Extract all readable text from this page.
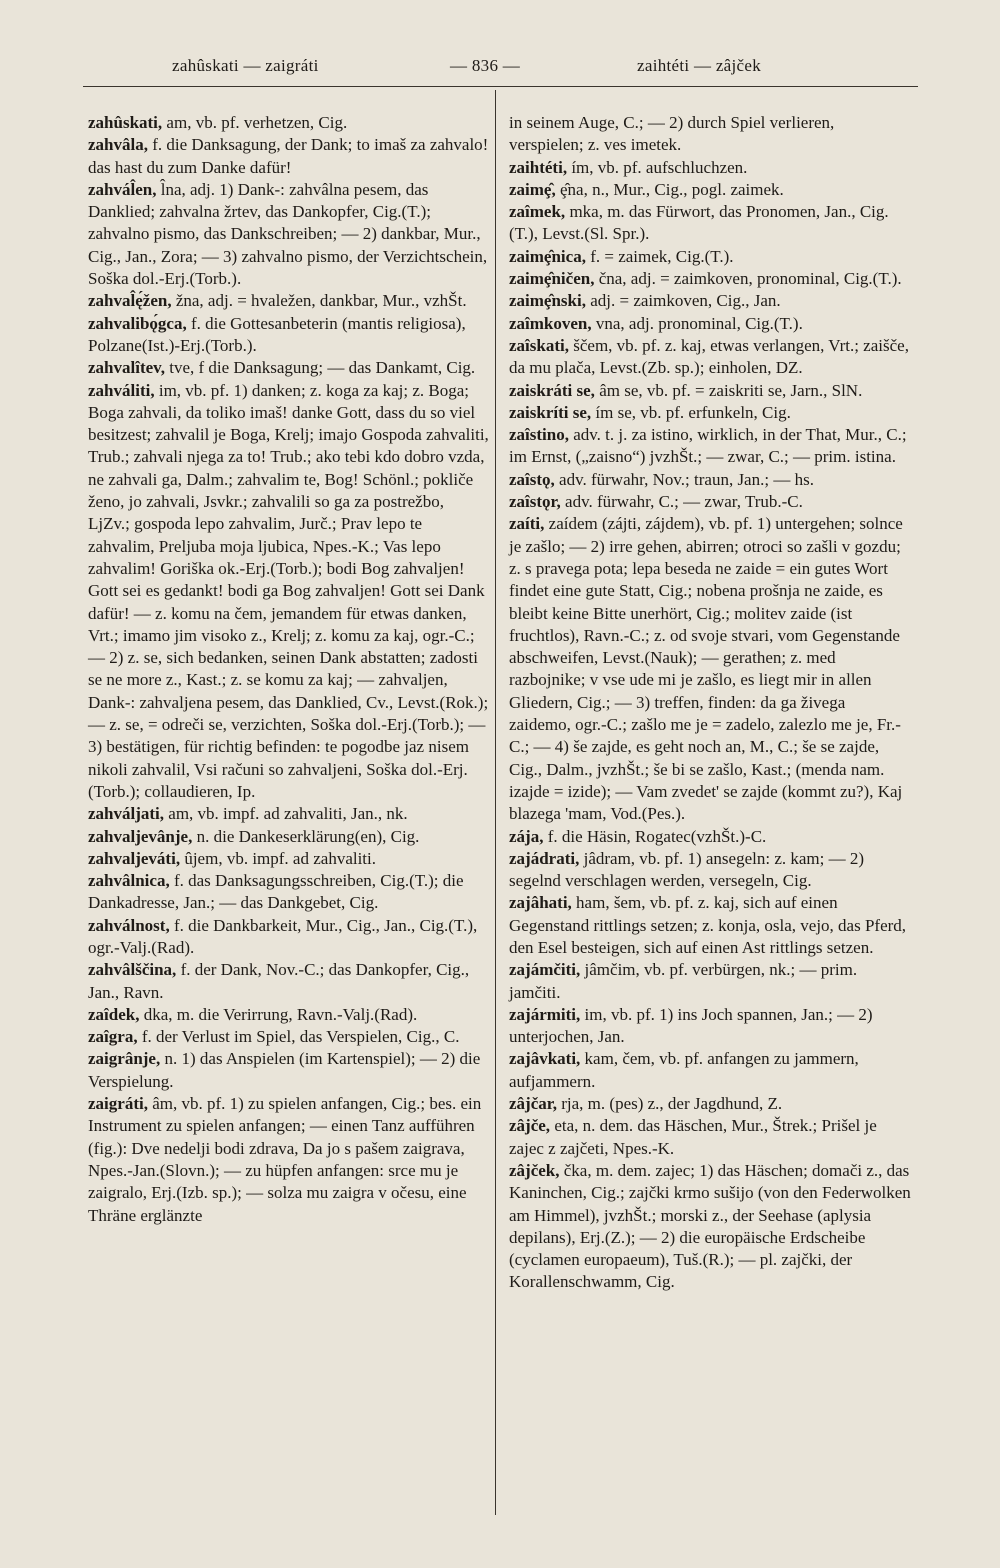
zahûskati — zaigráti	— 836 —	zaihtéti — zâjček

zahûskati, am, vb. pf. verhetzen, Cig.

zahvâla, f. die Danksagung, der Dank; to imaš za zahvalo! das hast du zum Danke dafür!

zahvál̂en, l̂na, adj. 1) Dank-: zahvâlna pesem, das Danklied; zahvalna žrtev, das Dankopfer, Cig.(T.); zahvalno pismo, das Dankschreiben; — 2) dankbar, Mur., Cig., Jan., Zora; — 3) zahvalno pismo, der Verzichtschein, Soška dol.-Erj.(Torb.).

zahval̂ę́žen, žna, adj. = hvaležen, dankbar, Mur., vzhŠt.

zahvalibǫ́gca, f. die Gottesanbeterin (mantis religiosa), Polzane(Ist.)-Erj.(Torb.).

zahvalîtev, tve, f die Danksagung; — das Dankamt, Cig.

zahváliti, im, vb. pf. 1) danken; z. koga za kaj; z. Boga; Boga zahvali, da toliko imaš! danke Gott, dass du so viel besitzest; zahvalil je Boga, Krelj; imajo Gospoda zahvaliti, Trub.; zahvali njega za to! Trub.; ako tebi kdo dobro vzda, ne zahvali ga, Dalm.; zahvalim te, Bog! Schönl.; pokliče ženo, jo zahvali, Jsvkr.; zahvalili so ga za postrežbo, LjZv.; gospoda lepo zahvalim, Jurč.; Prav lepo te zahvalim, Preljuba moja ljubica, Npes.-K.; Vas lepo zahvalim! Goriška ok.-Erj.(Torb.); bodi Bog zahvaljen! Gott sei es gedankt! bodi ga Bog zahvaljen! Gott sei Dank dafür! — z. komu na čem, jemandem für etwas danken, Vrt.; imamo jim visoko z., Krelj; z. komu za kaj, ogr.-C.; — 2) z. se, sich bedanken, seinen Dank abstatten; zadosti se ne more z., Kast.; z. se komu za kaj; — zahvaljen, Dank-: zahvaljena pesem, das Danklied, Cv., Levst.(Rok.); — z. se, = odreči se, verzichten, Soška dol.-Erj.(Torb.); — 3) bestätigen, für richtig befinden: te pogodbe jaz nisem nikoli zahvalil, Vsi računi so zahvaljeni, Soška dol.-Erj.(Torb.); collaudieren, Ip.

zahváljati, am, vb. impf. ad zahvaliti, Jan., nk.

zahvaljevânje, n. die Dankeserklärung(en), Cig.

zahvaljeváti, ûjem, vb. impf. ad zahvaliti.

zahvâlnica, f. das Danksagungsschreiben, Cig.(T.); die Dankadresse, Jan.; — das Dankgebet, Cig.

zahválnost, f. die Dankbarkeit, Mur., Cig., Jan., Cig.(T.), ogr.-Valj.(Rad).

zahvâlščina, f. der Dank, Nov.-C.; das Dankopfer, Cig., Jan., Ravn.

zaîdek, dka, m. die Verirrung, Ravn.-Valj.(Rad).

zaîgra, f. der Verlust im Spiel, das Verspielen, Cig., C.

zaigrânje, n. 1) das Anspielen (im Kartenspiel); — 2) die Verspielung.

zaigráti, âm, vb. pf. 1) zu spielen anfangen, Cig.; bes. ein Instrument zu spielen anfangen; — einen Tanz aufführen (fig.): Dve nedelji bodi zdrava, Da jo s pašem zaigrava, Npes.-Jan.(Slovn.); — zu hüpfen anfangen: srce mu je zaigralo, Erj.(Izb. sp.); — solza mu zaigra v očesu, eine Thräne erglänzte

in seinem Auge, C.; — 2) durch Spiel verlieren, verspielen; z. ves imetek.

zaihtéti, ím, vb. pf. aufschluchzen.

zaimȩ̂, ȩ̂na, n., Mur., Cig., pogl. zaimek.

zaîmek, mka, m. das Fürwort, das Pronomen, Jan., Cig.(T.), Levst.(Sl. Spr.).

zaimȩ̂nica, f. = zaimek, Cig.(T.).

zaimȩ̂ničen, čna, adj. = zaimkoven, pronominal, Cig.(T.).

zaimȩ̂nski, adj. = zaimkoven, Cig., Jan.

zaîmkoven, vna, adj. pronominal, Cig.(T.).

zaîskati, ščem, vb. pf. z. kaj, etwas verlangen, Vrt.; zaišče, da mu plača, Levst.(Zb. sp.); einholen, DZ.

zaiskráti se, âm se, vb. pf. = zaiskriti se, Jarn., SlN.

zaiskríti se, ím se, vb. pf. erfunkeln, Cig.

zaîstino, adv. t. j. za istino, wirklich, in der That, Mur., C.; im Ernst, („zaisno“) jvzhŠt.; — zwar, C.; — prim. istina.

zaîstǫ, adv. fürwahr, Nov.; traun, Jan.; — hs.

zaîstǫr, adv. fürwahr, C.; — zwar, Trub.-C.

zaíti, zaídem (zájti, zájdem), vb. pf. 1) untergehen; solnce je zašlo; — 2) irre gehen, abirren; otroci so zašli v gozdu; z. s pravega pota; lepa beseda ne zaide = ein gutes Wort findet eine gute Statt, Cig.; nobena prošnja ne zaide, es bleibt keine Bitte unerhört, Cig.; molitev zaide (ist fruchtlos), Ravn.-C.; z. od svoje stvari, vom Gegenstande abschweifen, Levst.(Nauk); — gerathen; z. med razbojnike; v vse ude mi je zašlo, es liegt mir in allen Gliedern, Cig.; — 3) treffen, finden: da ga živega zaidemo, ogr.-C.; zašlo me je = zadelo, zalezlo me je, Fr.-C.; — 4) še zajde, es geht noch an, M., C.; še se zajde, Cig., Dalm., jvzhŠt.; še bi se zašlo, Kast.; (menda nam. izajde = izide); — Vam zvedet' se zajde (kommt zu?), Kaj blazega 'mam, Vod.(Pes.).

zája, f. die Häsin, Rogatec(vzhŠt.)-C.

zajádrati, jâdram, vb. pf. 1) ansegeln: z. kam; — 2) segelnd verschlagen werden, versegeln, Cig.

zajâhati, ham, šem, vb. pf. z. kaj, sich auf einen Gegenstand rittlings setzen; z. konja, osla, vejo, das Pferd, den Esel besteigen, sich auf einen Ast rittlings setzen.

zajámčiti, jâmčim, vb. pf. verbürgen, nk.; — prim. jamčiti.

zajármiti, im, vb. pf. 1) ins Joch spannen, Jan.; — 2) unterjochen, Jan.

zajâvkati, kam, čem, vb. pf. anfangen zu jammern, aufjammern.

zâjčar, rja, m. (pes) z., der Jagdhund, Z.

zâjče, eta, n. dem. das Häschen, Mur., Štrek.; Prišel je zajec z zajčeti, Npes.-K.

zâjček, čka, m. dem. zajec; 1) das Häschen; domači z., das Kaninchen, Cig.; zajčki krmo sušijo (von den Federwolken am Himmel), jvzhŠt.; morski z., der Seehase (aplysia depilans), Erj.(Z.); — 2) die europäische Erdscheibe (cyclamen europaeum), Tuš.(R.); — pl. zajčki, der Korallenschwamm, Cig.
